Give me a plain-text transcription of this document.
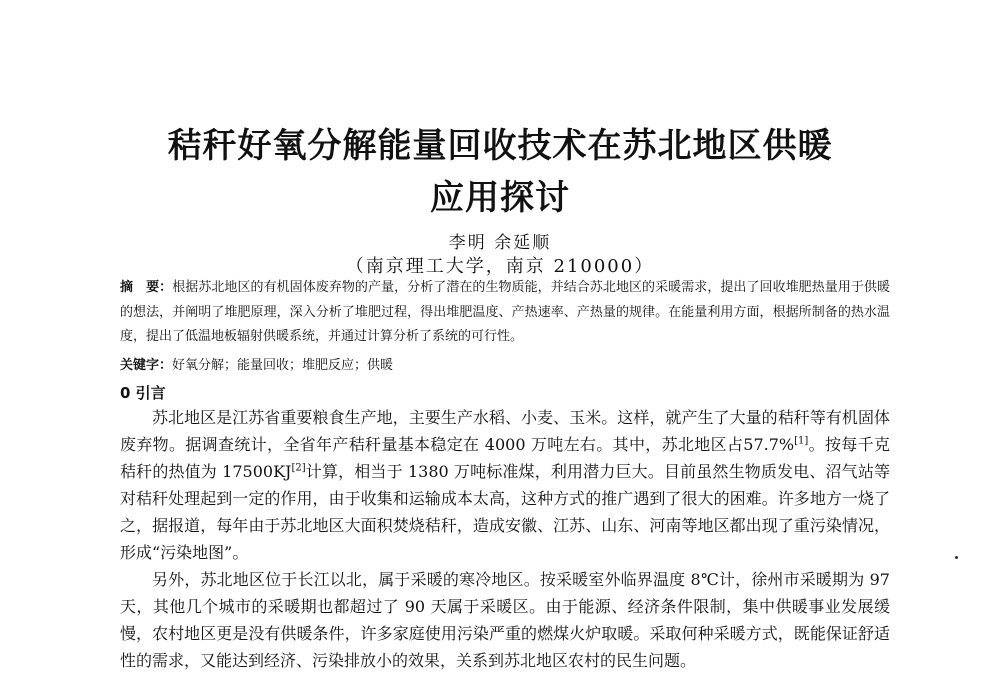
秸秆好氧分解能量回收技术在苏北地区供暖
应用探讨
李明 余延顺
（南京理工大学，南京 210000）
摘　要：根据苏北地区的有机固体废弃物的产量，分析了潜在的生物质能，并结合苏北地区的采暖需求，提出了回收堆肥热量用于供暖的想法，并阐明了堆肥原理，深入分析了堆肥过程，得出堆肥温度、产热速率、产热量的规律。在能量利用方面，根据所制备的热水温度，提出了低温地板辐射供暖系统，并通过计算分析了系统的可行性。
关键字：好氧分解；能量回收；堆肥反应；供暖
0 引言

苏北地区是江苏省重要粮食生产地，主要生产水稻、小麦、玉米。这样，就产生了大量的秸秆等有机固体废弃物。据调查统计，全省年产秸秆量基本稳定在 4000 万吨左右。其中，苏北地区占57.7%[1]。按每千克秸秆的热值为 17500KJ[2]计算，相当于 1380 万吨标准煤，利用潜力巨大。目前虽然生物质发电、沼气站等对秸秆处理起到一定的作用，由于收集和运输成本太高，这种方式的推广遇到了很大的困难。许多地方一烧了之，据报道，每年由于苏北地区大面积焚烧秸秆，造成安徽、江苏、山东、河南等地区都出现了重污染情况，形成“污染地图”。

另外，苏北地区位于长江以北，属于采暖的寒冷地区。按采暖室外临界温度 8℃计，徐州市采暖期为 97 天，其他几个城市的采暖期也都超过了 90 天属于采暖区。由于能源、经济条件限制，集中供暖事业发展缓慢，农村地区更是没有供暖条件，许多家庭使用污染严重的燃煤火炉取暖。采取何种采暖方式，既能保证舒适性的需求，又能达到经济、污染排放小的效果，关系到苏北地区农村的民生问题。
